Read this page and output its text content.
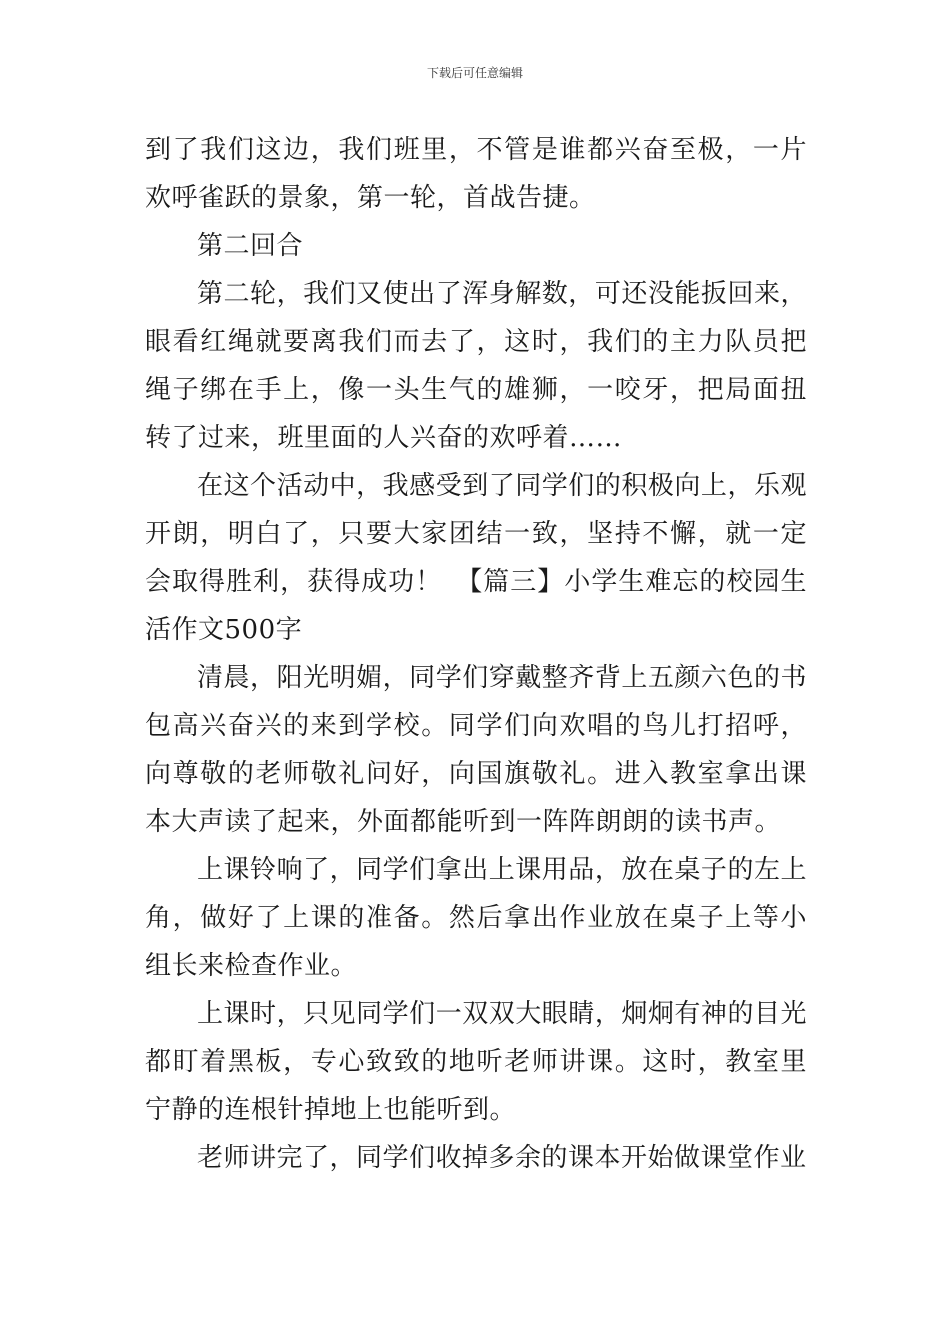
下载后可任意编辑

到了我们这边，我们班里，不管是谁都兴奋至极，一片欢呼雀跃的景象，第一轮，首战告捷。

第二回合

第二轮，我们又使出了浑身解数，可还没能扳回来，眼看红绳就要离我们而去了，这时，我们的主力队员把绳子绑在手上，像一头生气的雄狮，一咬牙，把局面扭转了过来，班里面的人兴奋的欢呼着……

在这个活动中，我感受到了同学们的积极向上，乐观开朗，明白了，只要大家团结一致，坚持不懈，就一定会取得胜利，获得成功！　【篇三】小学生难忘的校园生活作文500字

清晨，阳光明媚，同学们穿戴整齐背上五颜六色的书包高兴奋兴的来到学校。同学们向欢唱的鸟儿打招呼，向尊敬的老师敬礼问好，向国旗敬礼。进入教室拿出课本大声读了起来，外面都能听到一阵阵朗朗的读书声。

上课铃响了，同学们拿出上课用品，放在桌子的左上角，做好了上课的准备。然后拿出作业放在桌子上等小组长来检查作业。

上课时，只见同学们一双双大眼睛，炯炯有神的目光都盯着黑板，专心致致的地听老师讲课。这时，教室里宁静的连根针掉地上也能听到。

老师讲完了，同学们收掉多余的课本开始做课堂作业
